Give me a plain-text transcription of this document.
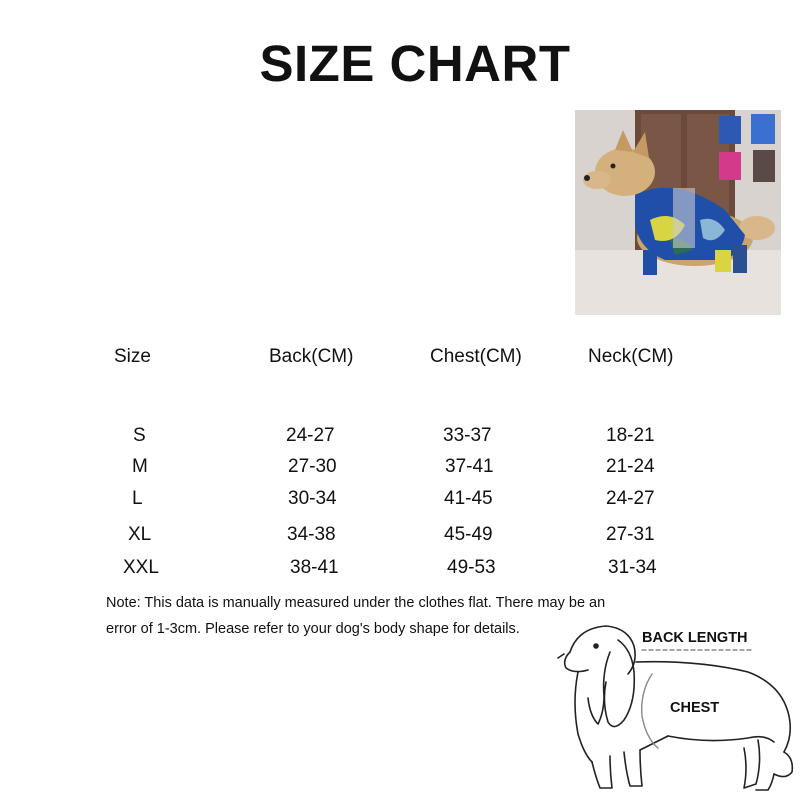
SIZE CHART
Size	Back(CM)	Chest(CM)	Neck(CM)
S	24-27	33-37	18-21
M	27-30	37-41	21-24
L	30-34	41-45	24-27
XL	34-38	45-49	27-31
XXL	38-41	49-53	31-34
Note: This data is manually measured under the clothes flat. There may be an
error of 1-3cm. Please refer to your dog's body shape for details.
BACK LENGTH
CHEST
